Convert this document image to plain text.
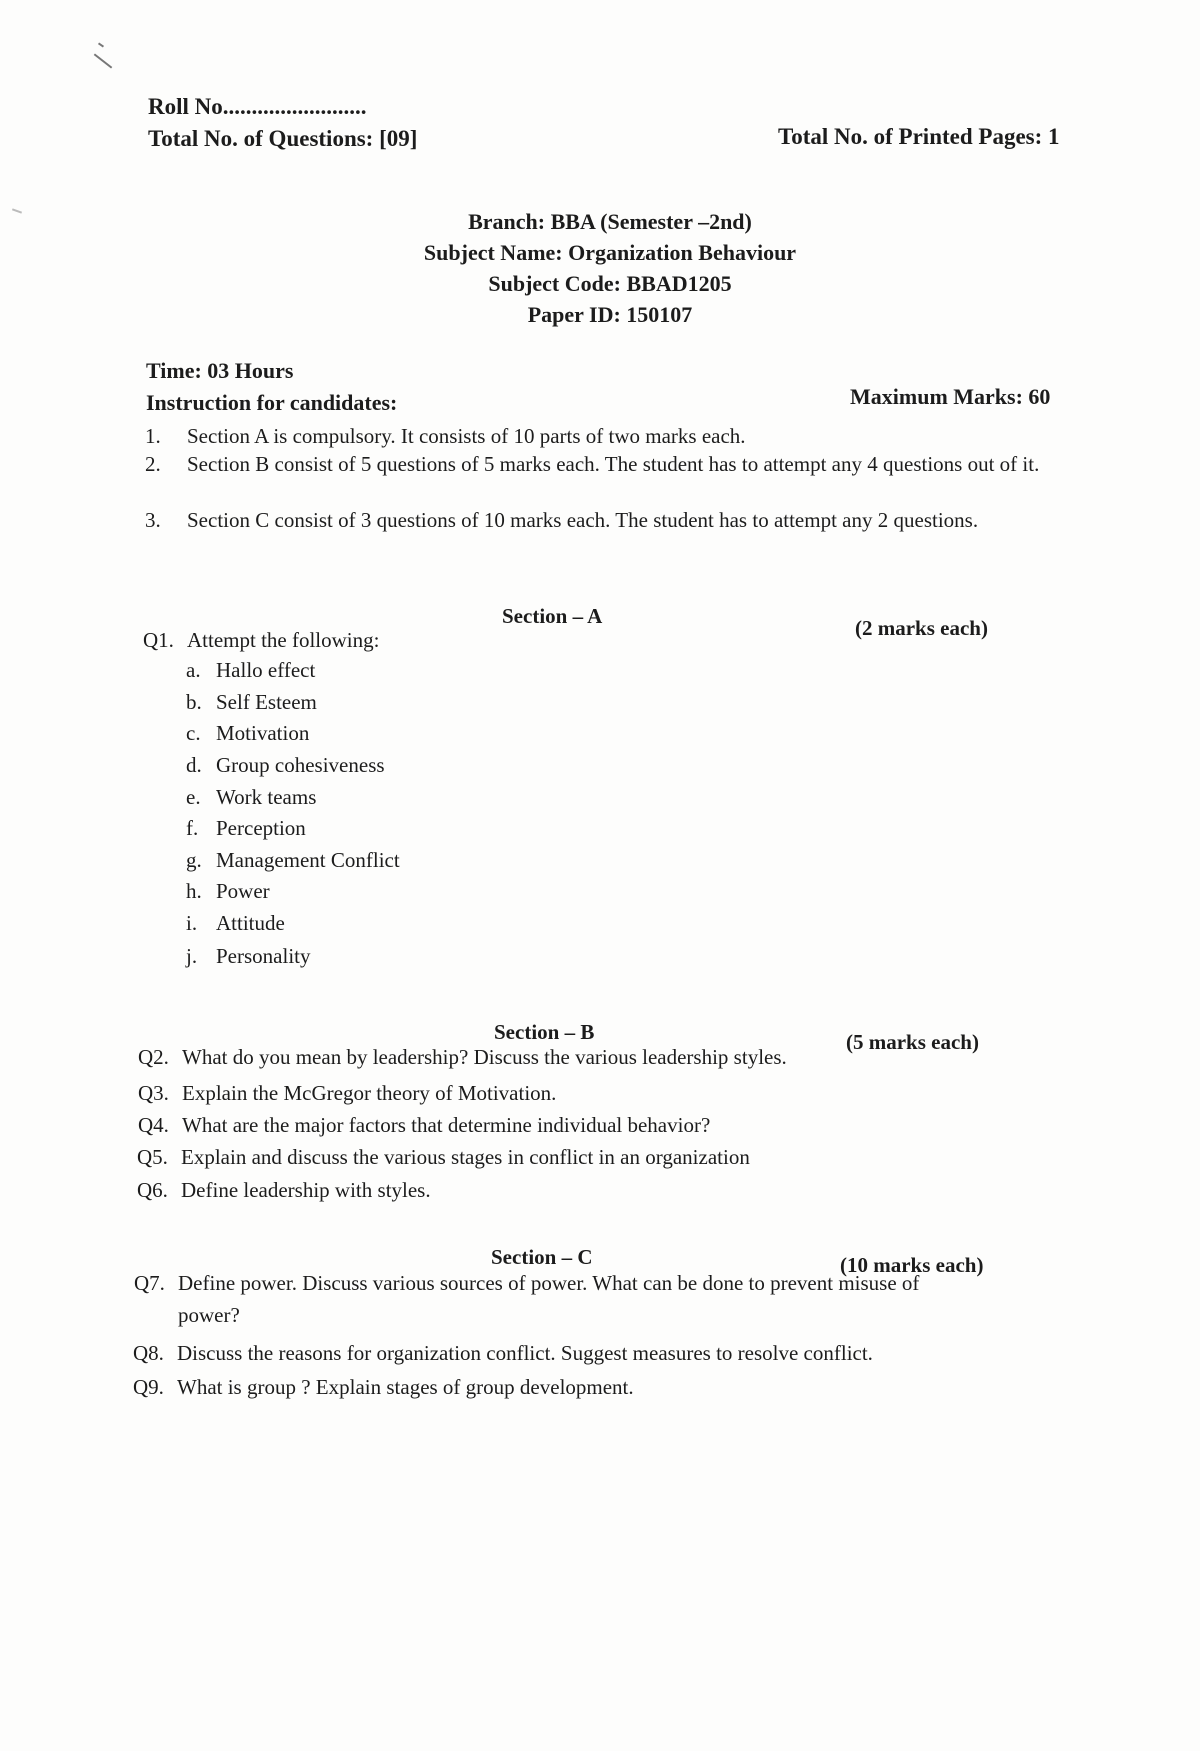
Roll No.........................
Total No. of Questions: [09]	Total No. of Printed Pages: 1
Branch: BBA (Semester –2nd)
Subject Name: Organization Behaviour
Subject Code: BBAD1205
Paper ID: 150107
Time: 03 Hours
Instruction for candidates:	Maximum Marks: 60
1. Section A is compulsory. It consists of 10 parts of two marks each.
2. Section B consist of 5 questions of 5 marks each. The student has to attempt any 4 questions out of it.
3. Section C consist of 3 questions of 10 marks each. The student has to attempt any 2 questions.
Section – A	(2 marks each)
Q1. Attempt the following:
a. Hallo effect
b. Self Esteem
c. Motivation
d. Group cohesiveness
e. Work teams
f. Perception
g. Management Conflict
h. Power
i. Attitude
j. Personality
Section – B	(5 marks each)
Q2. What do you mean by leadership? Discuss the various leadership styles.
Q3. Explain the McGregor theory of Motivation.
Q4. What are the major factors that determine individual behavior?
Q5. Explain and discuss the various stages in conflict in an organization
Q6. Define leadership with styles.
Section – C	(10 marks each)
Q7. Define power. Discuss various sources of power. What can be done to prevent misuse of
power?
Q8. Discuss the reasons for organization conflict. Suggest measures to resolve conflict.
Q9. What is group ? Explain stages of group development.
